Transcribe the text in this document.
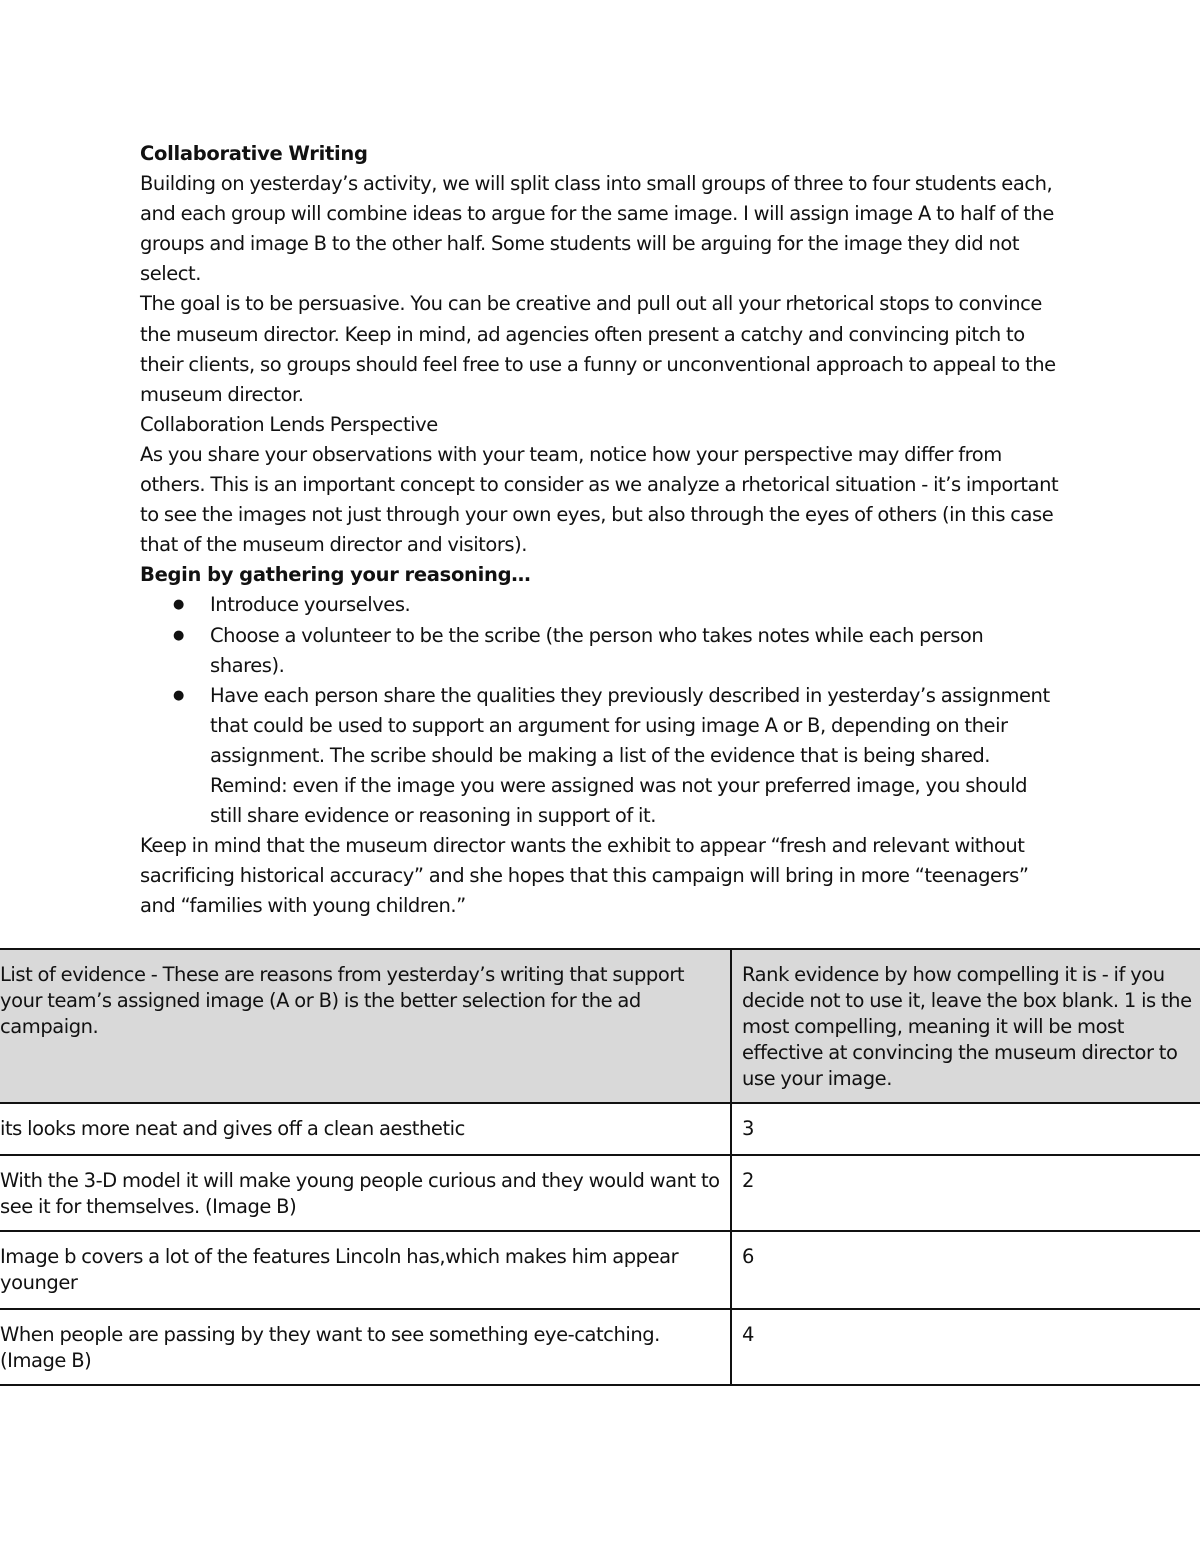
Collaborative Writing

Building on yesterday’s activity, we will split class into small groups of three to four students each, and each group will combine ideas to argue for the same image. I will assign image A to half of the groups and image B to the other half. Some students will be arguing for the image they did not select.

The goal is to be persuasive. You can be creative and pull out all your rhetorical stops to convince the museum director. Keep in mind, ad agencies often present a catchy and convincing pitch to their clients, so groups should feel free to use a funny or unconventional approach to appeal to the museum director.

Collaboration Lends Perspective

As you share your observations with your team, notice how your perspective may differ from others. This is an important concept to consider as we analyze a rhetorical situation - it’s important to see the images not just through your own eyes, but also through the eyes of others (in this case that of the museum director and visitors).

Begin by gathering your reasoning…

● Introduce yourselves.
● Choose a volunteer to be the scribe (the person who takes notes while each person shares).
● Have each person share the qualities they previously described in yesterday’s assignment that could be used to support an argument for using image A or B, depending on their assignment. The scribe should be making a list of the evidence that is being shared. Remind: even if the image you were assigned was not your preferred image, you should still share evidence or reasoning in support of it.

Keep in mind that the museum director wants the exhibit to appear “fresh and relevant without sacrificing historical accuracy” and she hopes that this campaign will bring in more “teenagers” and “families with young children.”

List of evidence - These are reasons from yesterday’s writing that support your team’s assigned image (A or B) is the better selection for the ad campaign.	Rank evidence by how compelling it is - if you decide not to use it, leave the box blank. 1 is the most compelling, meaning it will be most effective at convincing the museum director to use your image.
its looks more neat and gives off a clean aesthetic	3
With the 3-D model it will make young people curious and they would want to see it for themselves. (Image B)	2
Image b covers a lot of the features Lincoln has,which makes him appear younger	6
When people are passing by they want to see something eye-catching. (Image B)	4
